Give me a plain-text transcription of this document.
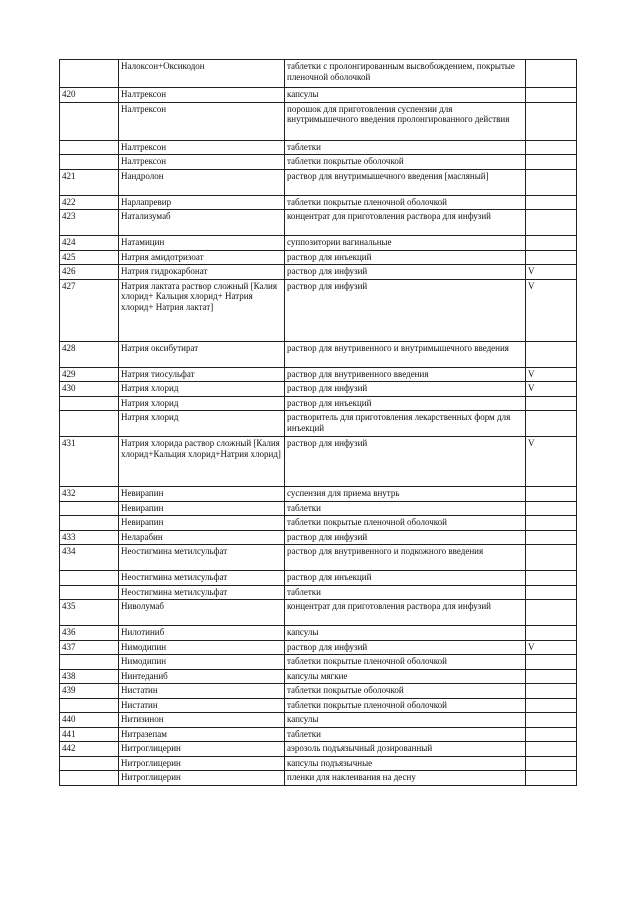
	Налоксон+Оксикодон	таблетки с пролонгированным высвобождением, покрытые пленочной оболочкой	
420	Налтрексон	капсулы	
	Налтрексон	порошок для приготовления суспензии для внутримышечного введения пролонгированного действия	
	Налтрексон	таблетки	
	Налтрексон	таблетки покрытые оболочкой	
421	Нандролон	раствор для внутримышечного введения [масляный]	
422	Нарлапревир	таблетки покрытые пленочной оболочкой	
423	Натализумаб	концентрат для приготовления раствора для инфузий	
424	Натамицин	суппозитории вагинальные	
425	Натрия амидотризоат	раствор для инъекций	
426	Натрия гидрокарбонат	раствор для инфузий	V
427	Натрия лактата раствор сложный [Калия хлорид+ Кальция хлорид+ Натрия хлорид+ Натрия лактат]	раствор для инфузий	V
428	Натрия оксибутират	раствор для внутривенного и внутримышечного введения	
429	Натрия тиосульфат	раствор для внутривенного введения	V
430	Натрия хлорид	раствор для инфузий	V
	Натрия хлорид	раствор для инъекций	
	Натрия хлорид	растворитель для приготовления лекарственных форм для инъекций	
431	Натрия хлорида раствор сложный [Калия хлорид+Кальция хлорид+Натрия хлорид]	раствор для инфузий	V
432	Невирапин	суспензия для приема внутрь	
	Невирапин	таблетки	
	Невирапин	таблетки покрытые пленочной оболочкой	
433	Неларабин	раствор для инфузий	
434	Неостигмина метилсульфат	раствор для внутривенного и подкожного введения	
	Неостигмина метилсульфат	раствор для инъекций	
	Неостигмина метилсульфат	таблетки	
435	Ниволумаб	концентрат для приготовления раствора для инфузий	
436	Нилотиниб	капсулы	
437	Нимодипин	раствор для инфузий	V
	Нимодипин	таблетки покрытые пленочной оболочкой	
438	Нинтеданиб	капсулы мягкие	
439	Нистатин	таблетки покрытые оболочкой	
	Нистатин	таблетки покрытые пленочной оболочкой	
440	Нитизинон	капсулы	
441	Нитразепам	таблетки	
442	Нитроглицерин	аэрозоль подъязычный дозированный	
	Нитроглицерин	капсулы подъязычные	
	Нитроглицерин	пленки для наклеивания на десну	
